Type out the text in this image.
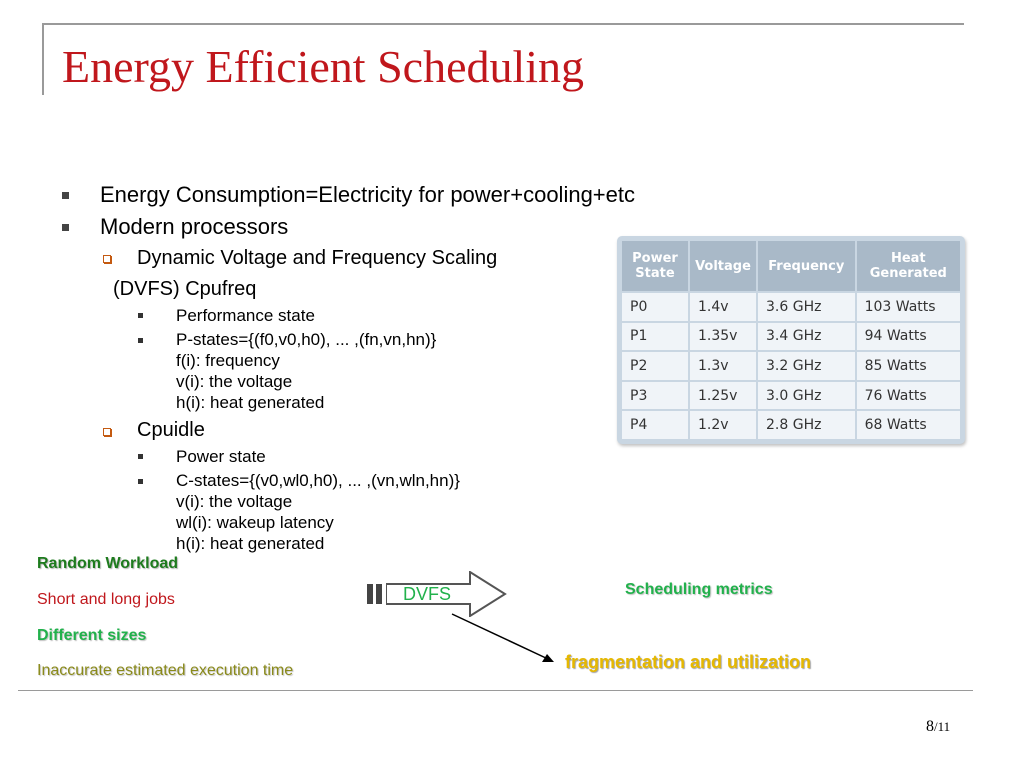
Energy Efficient Scheduling
Energy Consumption=Electricity for power+cooling+etc
Modern processors
Dynamic Voltage and Frequency Scaling
(DVFS) Cpufreq
Performance state
P-states={(f0,v0,h0), ... ,(fn,vn,hn)}
f(i): frequency
v(i): the voltage
h(i): heat generated
Cpuidle
Power state
C-states={(v0,wl0,h0), ... ,(vn,wln,hn)}
v(i): the voltage
wl(i): wakeup latency
h(i): heat generated
Power State	Voltage	Frequency	Heat Generated
P0	1.4v	3.6 GHz	103 Watts
P1	1.35v	3.4 GHz	94 Watts
P2	1.3v	3.2 GHz	85 Watts
P3	1.25v	3.0 GHz	76 Watts
P4	1.2v	2.8 GHz	68 Watts
Random Workload
Short and long jobs
Different sizes
Inaccurate estimated execution time
DVFS	Scheduling metrics
fragmentation and utilization
8/11
